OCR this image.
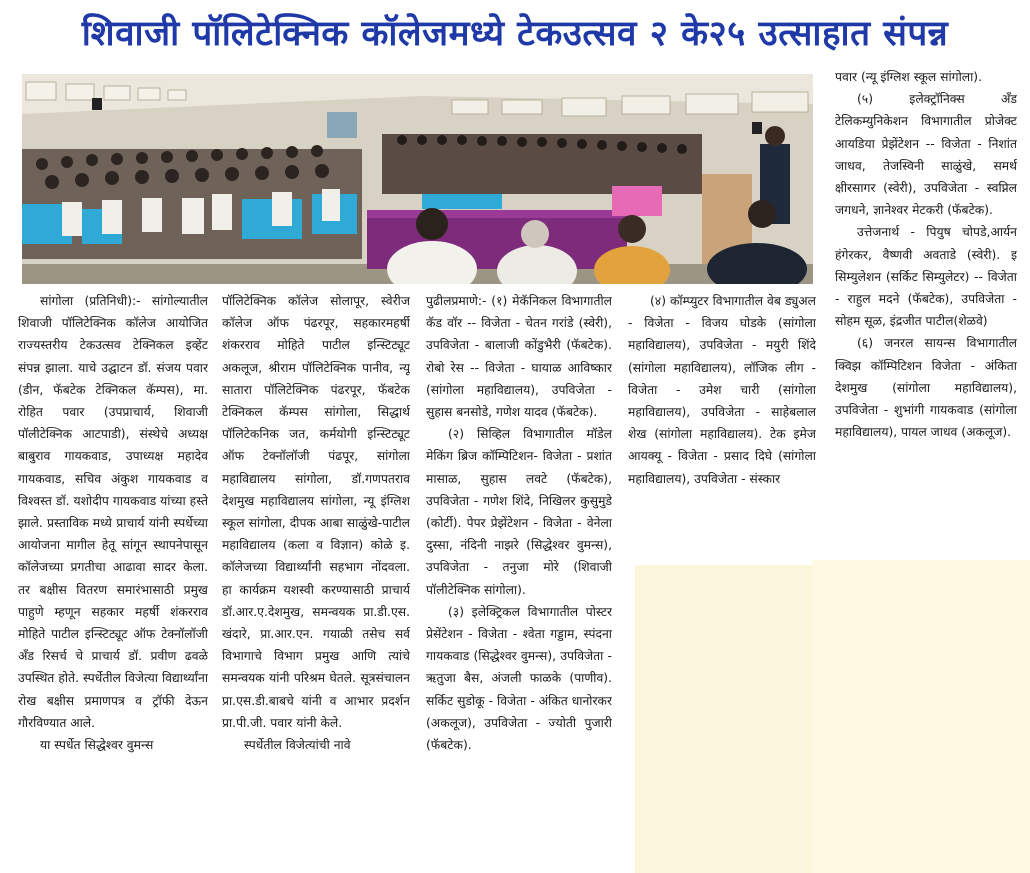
शिवाजी पॉलिटेक्निक कॉलेजमध्ये टेकउत्सव २ के२५ उत्साहात संपन्न

सांगोला (प्रतिनिधी):- सांगोल्यातील शिवाजी पॉलिटेक्निक कॉलेज आयोजित राज्यस्तरीय टेकउत्सव टेक्निकल इव्हेंट संपन्न झाला. याचे उद्घाटन डॉ. संजय पवार (डीन, फॅबटेक टेक्निकल कॅम्पस), मा. रोहित पवार (उपप्राचार्य, शिवाजी पॉलीटेक्निक आटपाडी), संस्थेचे अध्यक्ष बाबुराव गायकवाड, उपाध्यक्ष महादेव गायकवाड, सचिव अंकुश गायकवाड व विश्वस्त डॉ. यशोदीप गायकवाड यांच्या हस्ते झाले. प्रस्ताविक मध्ये प्राचार्य यांनी स्पर्धेच्या आयोजना मागील हेतू सांगून स्थापनेपासून कॉलेजच्या प्रगतीचा आढावा सादर केला. तर बक्षीस वितरण समारंभासाठी प्रमुख पाहुणे म्हणून सहकार महर्षी शंकरराव मोहिते पाटील इन्स्टिट्यूट ऑफ टेक्नॉलॉजी अँड रिसर्च चे प्राचार्य डॉ. प्रवीण ढवळे उपस्थित होते. स्पर्धेतील विजेत्या विद्यार्थ्यांना रोख बक्षीस प्रमाणपत्र व ट्रॉफी देऊन गौरविण्यात आले.

या स्पर्धेत सिद्धेश्वर वुमन्स

पॉलिटेक्निक कॉलेज सोलापूर, स्वेरीज कॉलेज ऑफ पंढरपूर, सहकारमहर्षी शंकरराव मोहिते पाटील इन्स्टिट्यूट अकलूज, श्रीराम पॉलिटेक्निक पानीव, न्यू सातारा पॉलिटेक्निक पंढरपूर, फॅबटेक टेक्निकल कॅम्पस सांगोला, सिद्धार्थ पॉलिटेकनिक जत, कर्मयोगी इन्स्टिट्यूट ऑफ टेक्नॉलॉजी पंढपूर, सांगोला महाविद्यालय सांगोला, डॉ.गणपतराव देशमुख महाविद्यालय सांगोला, न्यू इंग्लिश स्कूल सांगोला, दीपक आबा साळुंखे-पाटील महाविद्यालय (कला व विज्ञान) कोळे इ. कॉलेजच्या विद्यार्थ्यांनी सहभाग नोंदवला. हा कार्यक्रम यशस्वी करण्यासाठी प्राचार्य डॉ.आर.ए.देशमुख, समन्वयक प्रा.डी.एस. खंदारे, प्रा.आर.एन. गयाळी तसेच सर्व विभागाचे विभाग प्रमुख आणि त्यांचे समन्वयक यांनी परिश्रम घेतले. सूत्रसंचालन प्रा.एस.डी.बाबचे यांनी व आभार प्रदर्शन प्रा.पी.जी. पवार यांनी केले.

स्पर्धेतील विजेत्यांची नावे

पुढीलप्रमाणे:- (१) मेकॅनिकल विभागातील कॅड वॉर -- विजेता - चेतन गरांडे (स्वेरी), उपविजेता - बालाजी कोंडुभैरी (फॅबटेक). रोबो रेस -- विजेता - घायाळ आविष्कार (सांगोला महाविद्यालय), उपविजेता - सुहास बनसोडे, गणेश यादव (फॅबटेक).

(२) सिव्हिल विभागातील मॉडेल मेकिंग ब्रिज कॉम्पिटिशन- विजेता - प्रशांत मासाळ, सुहास लवटे (फॅबटेक), उपविजेता - गणेश शिंदे, निखिलर कुसुमुडे (कोर्टी). पेपर प्रेझेंटेशन - विजेता - वेनेला दुस्सा, नंदिनी नाझरे (सिद्धेश्वर वुमन्स), उपविजेता - तनुजा मोरे (शिवाजी पॉलीटेक्निक सांगोला).

(३) इलेक्ट्रिकल विभागातील पोस्टर प्रेसेंटेशन - विजेता - श्वेता गड्डाम, स्पंदना गायकवाड (सिद्धेश्वर वुमन्स), उपविजेता - ऋतुजा बैस, अंजली फाळके (पाणीव). सर्किट सुडोकू - विजेता - अंकित धानोरकर (अकलूज), उपविजेता - ज्योती पुजारी (फॅबटेक).

(४) कॉम्प्युटर विभागातील वेब ड्युअल - विजेता - विजय घोडके (सांगोला महाविद्यालय), उपविजेता - मयुरी शिंदे (सांगोला महाविद्यालय), लॉजिक लीग - विजेता - उमेश चारी (सांगोला महाविद्यालय), उपविजेता - साहेबलाल शेख (सांगोला महाविद्यालय). टेक इमेज आयक्यू - विजेता - प्रसाद दिघे (सांगोला महाविद्यालय), उपविजेता - संस्कार

पवार (न्यू इंग्लिश स्कूल सांगोला).

(५) इलेक्ट्रॉनिक्स अँड टेलिकम्युनिकेशन विभागातील प्रोजेक्ट आयडिया प्रेझेंटेशन -- विजेता - निशांत जाधव, तेजस्विनी साळुंखे, समर्थ क्षीरसागर (स्वेरी), उपविजेता - स्वप्निल जगधने, ज्ञानेश्वर मेटकरी (फॅबटेक).

उत्तेजनार्थ - पियुष चोपडे,आर्यन हंगेरकर, वैष्णवी अवताडे (स्वेरी). इ सिम्युलेशन (सर्किट सिम्युलेटर) -- विजेता - राहुल मदने (फॅबटेक), उपविजेता - सोहम सूळ, इंद्रजीत पाटील(शेळवे)

(६) जनरल सायन्स विभागातील क्विझ कॉम्पिटिशन विजेता - अंकिता देशमुख (सांगोला महाविद्यालय), उपविजेता - शुभांगी गायकवाड (सांगोला महाविद्यालय), पायल जाधव (अकलूज).
